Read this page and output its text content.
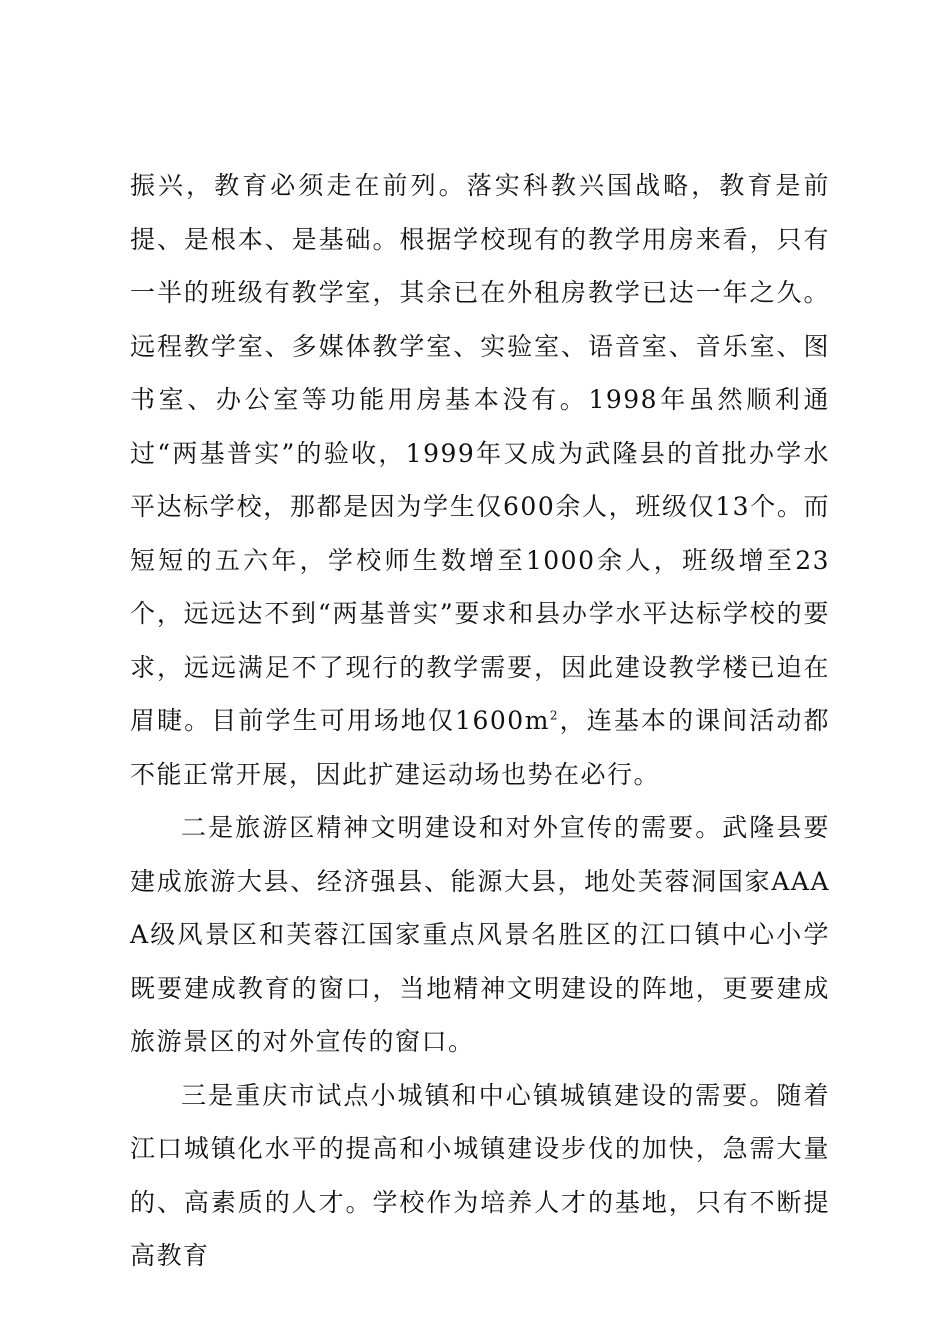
振兴，教育必须走在前列。落实科教兴国战略，教育是前提、是根本、是基础。根据学校现有的教学用房来看，只有一半的班级有教学室，其余已在外租房教学已达一年之久。远程教学室、多媒体教学室、实验室、语音室、音乐室、图书室、办公室等功能用房基本没有。1998年虽然顺利通过“两基普实”的验收，1999年又成为武隆县的首批办学水平达标学校，那都是因为学生仅600余人，班级仅13个。而短短的五六年，学校师生数增至1000余人，班级增至23个，远远达不到“两基普实”要求和县办学水平达标学校的要求，远远满足不了现行的教学需要，因此建设教学楼已迫在眉睫。目前学生可用场地仅$1600m^2$，连基本的课间活动都不能正常开展，因此扩建运动场也势在必行。

二是旅游区精神文明建设和对外宣传的需要。武隆县要建成旅游大县、经济强县、能源大县，地处芙蓉洞国家AAAA级风景区和芙蓉江国家重点风景名胜区的江口镇中心小学既要建成教育的窗口，当地精神文明建设的阵地，更要建成旅游景区的对外宣传的窗口。

三是重庆市试点小城镇和中心镇城镇建设的需要。随着江口城镇化水平的提高和小城镇建设步伐的加快，急需大量的、高素质的人才。学校作为培养人才的基地，只有不断提高教育
